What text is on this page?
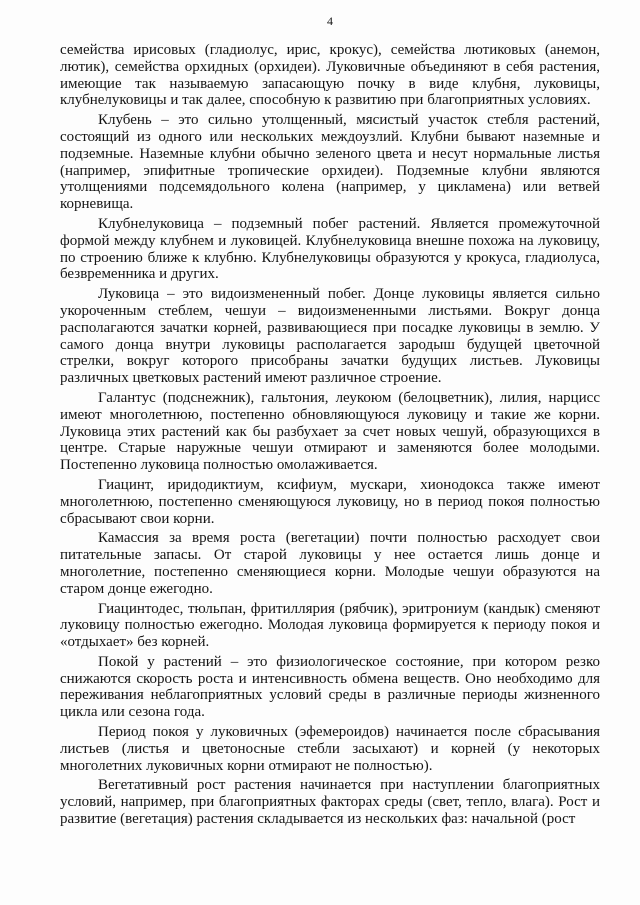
4

семейства ирисовых (гладиолус, ирис, крокус), семейства лютиковых (анемон, лютик), семейства орхидных (орхидеи). Луковичные объединяют в себя растения, имеющие так называемую запасающую почку в виде клубня, луковицы, клубнелуковицы и так далее, способную к развитию при благоприятных условиях.

Клубень – это сильно утолщенный, мясистый участок стебля растений, состоящий из одного или нескольких междоузлий. Клубни бывают наземные и подземные. Наземные клубни обычно зеленого цвета и несут нормальные листья (например, эпифитные тропические орхидеи). Подземные клубни являются утолщениями подсемядольного колена (например, у цикламена) или ветвей корневища.

Клубнелуковица – подземный побег растений. Является промежуточной формой между клубнем и луковицей. Клубнелуковица внешне похожа на луковицу, по строению ближе к клубню. Клубнелуковицы образуются у крокуса, гладиолуса, безвременника и других.

Луковица – это видоизмененный побег. Донце луковицы является сильно укороченным стеблем, чешуи – видоизмененными листьями. Вокруг донца располагаются зачатки корней, развивающиеся при посадке луковицы в землю. У самого донца внутри луковицы располагается зародыш будущей цветочной стрелки, вокруг которого присобраны зачатки будущих листьев. Луковицы различных цветковых растений имеют различное строение.

Галантус (подснежник), гальтония, леукоюм (белоцветник), лилия, нарцисс имеют многолетнюю, постепенно обновляющуюся луковицу и такие же корни. Луковица этих растений как бы разбухает за счет новых чешуй, образующихся в центре. Старые наружные чешуи отмирают и заменяются более молодыми. Постепенно луковица полностью омолаживается.

Гиацинт, иридодиктиум, ксифиум, мускари, хионодокса также имеют многолетнюю, постепенно сменяющуюся луковицу, но в период покоя полностью сбрасывают свои корни.

Камассия за время роста (вегетации) почти полностью расходует свои питательные запасы. От старой луковицы у нее остается лишь донце и многолетние, постепенно сменяющиеся корни. Молодые чешуи образуются на старом донце ежегодно.

Гиацинтодес, тюльпан, фритиллярия (рябчик), эритрониум (кандык) сменяют луковицу полностью ежегодно. Молодая луковица формируется к периоду покоя и «отдыхает» без корней.

Покой у растений – это физиологическое состояние, при котором резко снижаются скорость роста и интенсивность обмена веществ. Оно необходимо для переживания неблагоприятных условий среды в различные периоды жизненного цикла или сезона года.

Период покоя у луковичных (эфемероидов) начинается после сбрасывания листьев (листья и цветоносные стебли засыхают) и корней (у некоторых многолетних луковичных корни отмирают не полностью).

Вегетативный рост растения начинается при наступлении благоприятных условий, например, при благоприятных факторах среды (свет, тепло, влага). Рост и развитие (вегетация) растения складывается из нескольких фаз: начальной (рост
